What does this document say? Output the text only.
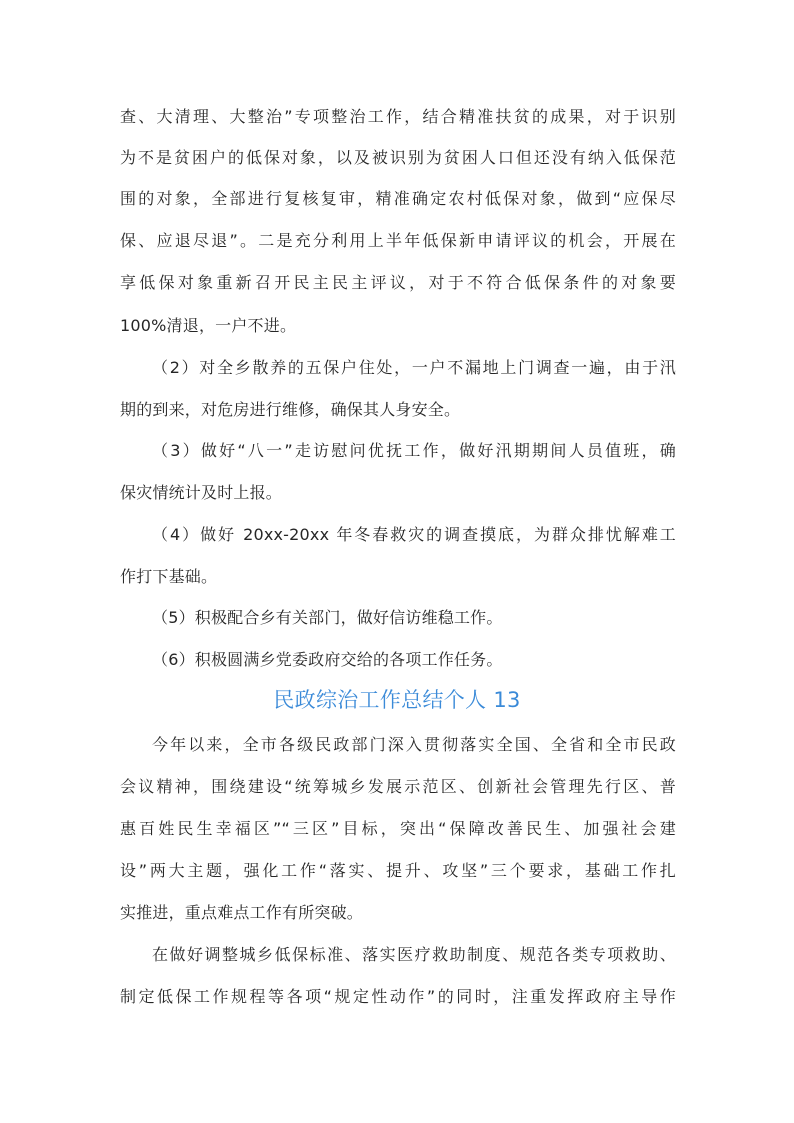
查、大清理、大整治”专项整治工作，结合精准扶贫的成果，对于识别
为不是贫困户的低保对象，以及被识别为贫困人口但还没有纳入低保范
围的对象，全部进行复核复审，精准确定农村低保对象，做到“应保尽
保、应退尽退”。二是充分利用上半年低保新申请评议的机会，开展在
享低保对象重新召开民主民主评议，对于不符合低保条件的对象要
100%清退，一户不进。
（2）对全乡散养的五保户住处，一户不漏地上门调查一遍，由于汛
期的到来，对危房进行维修，确保其人身安全。
（3）做好“八一”走访慰问优抚工作，做好汛期期间人员值班，确
保灾情统计及时上报。
（4）做好 20xx-20xx 年冬春救灾的调查摸底，为群众排忧解难工
作打下基础。
（5）积极配合乡有关部门，做好信访维稳工作。
（6）积极圆满乡党委政府交给的各项工作任务。
民政综治工作总结个人 13
今年以来，全市各级民政部门深入贯彻落实全国、全省和全市民政
会议精神，围绕建设“统筹城乡发展示范区、创新社会管理先行区、普
惠百姓民生幸福区”“三区”目标，突出“保障改善民生、加强社会建
设”两大主题，强化工作“落实、提升、攻坚”三个要求，基础工作扎
实推进，重点难点工作有所突破。
在做好调整城乡低保标准、落实医疗救助制度、规范各类专项救助、
制定低保工作规程等各项“规定性动作”的同时，注重发挥政府主导作
